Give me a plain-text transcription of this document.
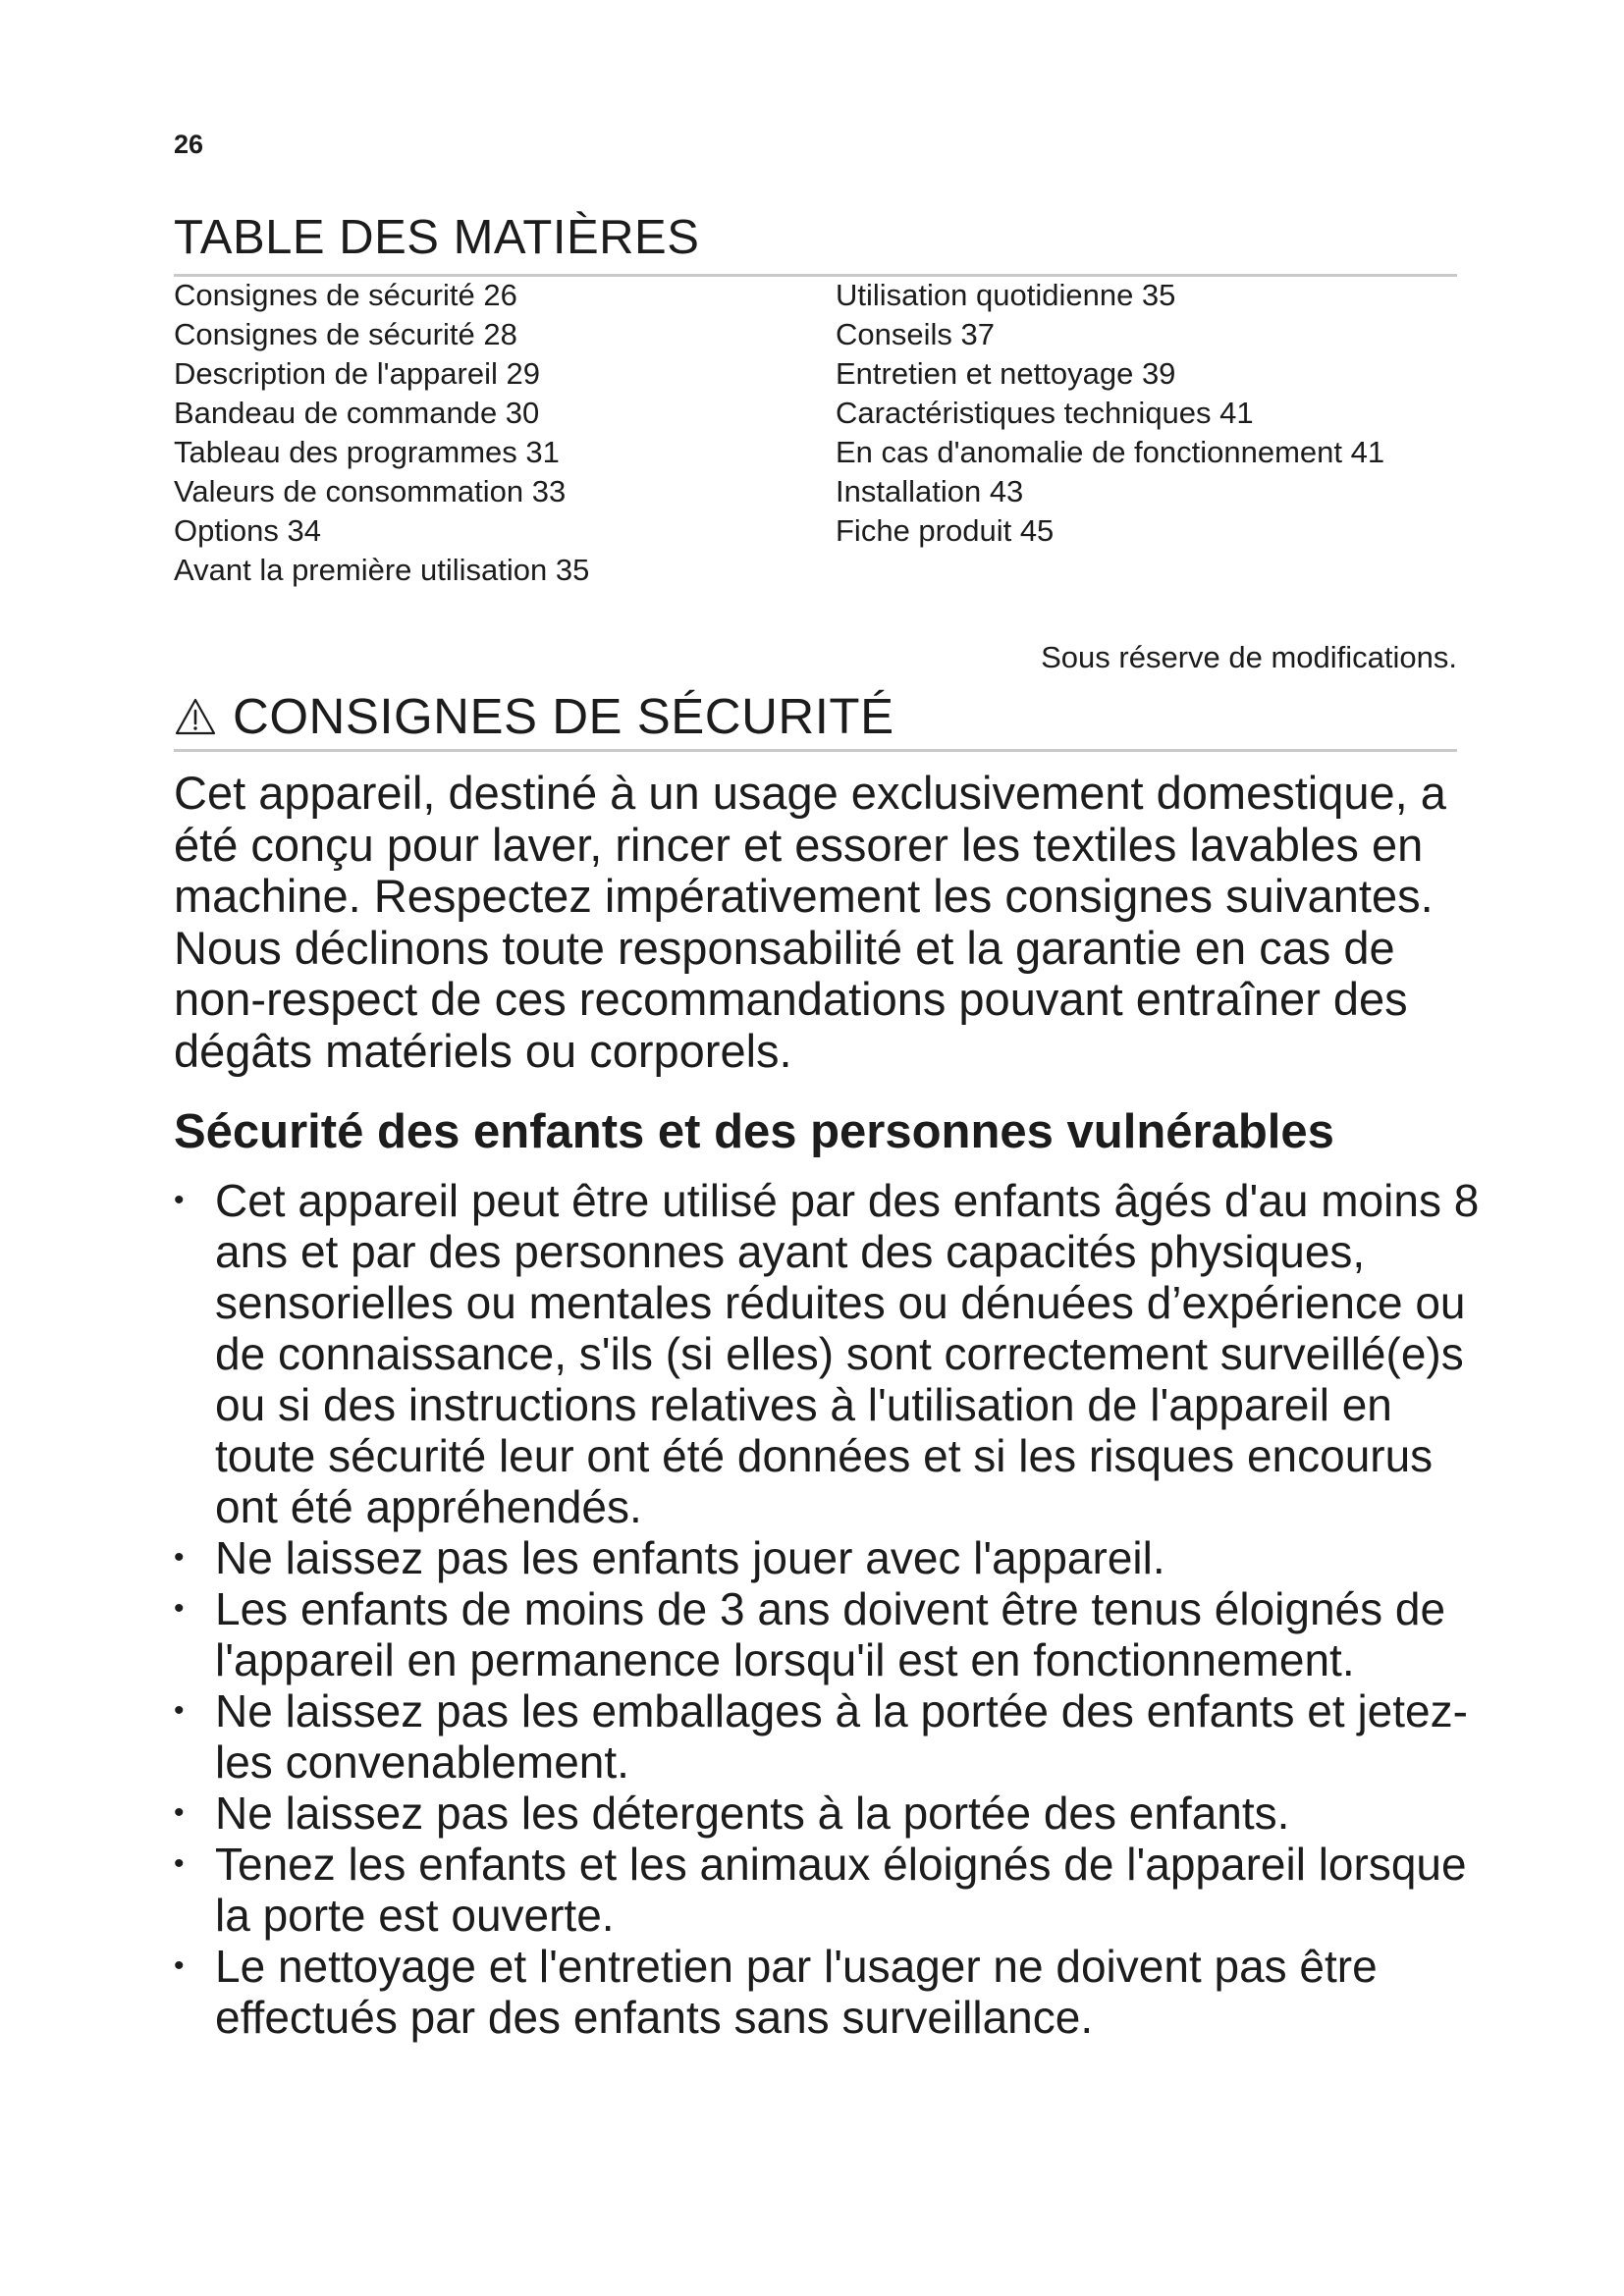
26
TABLE DES MATIÈRES
Consignes de sécurité 26
Consignes de sécurité 28
Description de l'appareil 29
Bandeau de commande 30
Tableau des programmes 31
Valeurs de consommation 33
Options 34
Avant la première utilisation 35
Utilisation quotidienne 35
Conseils 37
Entretien et nettoyage 39
Caractéristiques techniques 41
En cas d'anomalie de fonctionnement 41
Installation 43
Fiche produit 45
Sous réserve de modifications.
CONSIGNES DE SÉCURITÉ

Cet appareil, destiné à un usage exclusivement domestique, a été conçu pour laver, rincer et essorer les textiles lavables en machine. Respectez impérativement les consignes suivantes. Nous déclinons toute responsabilité et la garantie en cas de non-respect de ces recommandations pouvant entraîner des dégâts matériels ou corporels.

Sécurité des enfants et des personnes vulnérables
• Cet appareil peut être utilisé par des enfants âgés d'au moins 8 ans et par des personnes ayant des capacités physiques, sensorielles ou mentales réduites ou dénuées d’expérience ou de connaissance, s'ils (si elles) sont correctement surveillé(e)s ou si des instructions relatives à l'utilisation de l'appareil en toute sécurité leur ont été données et si les risques encourus ont été appréhendés.
• Ne laissez pas les enfants jouer avec l'appareil.
• Les enfants de moins de 3 ans doivent être tenus éloignés de l'appareil en permanence lorsqu'il est en fonctionnement.
• Ne laissez pas les emballages à la portée des enfants et jetez-les convenablement.
• Ne laissez pas les détergents à la portée des enfants.
• Tenez les enfants et les animaux éloignés de l'appareil lorsque la porte est ouverte.
• Le nettoyage et l'entretien par l'usager ne doivent pas être effectués par des enfants sans surveillance.
